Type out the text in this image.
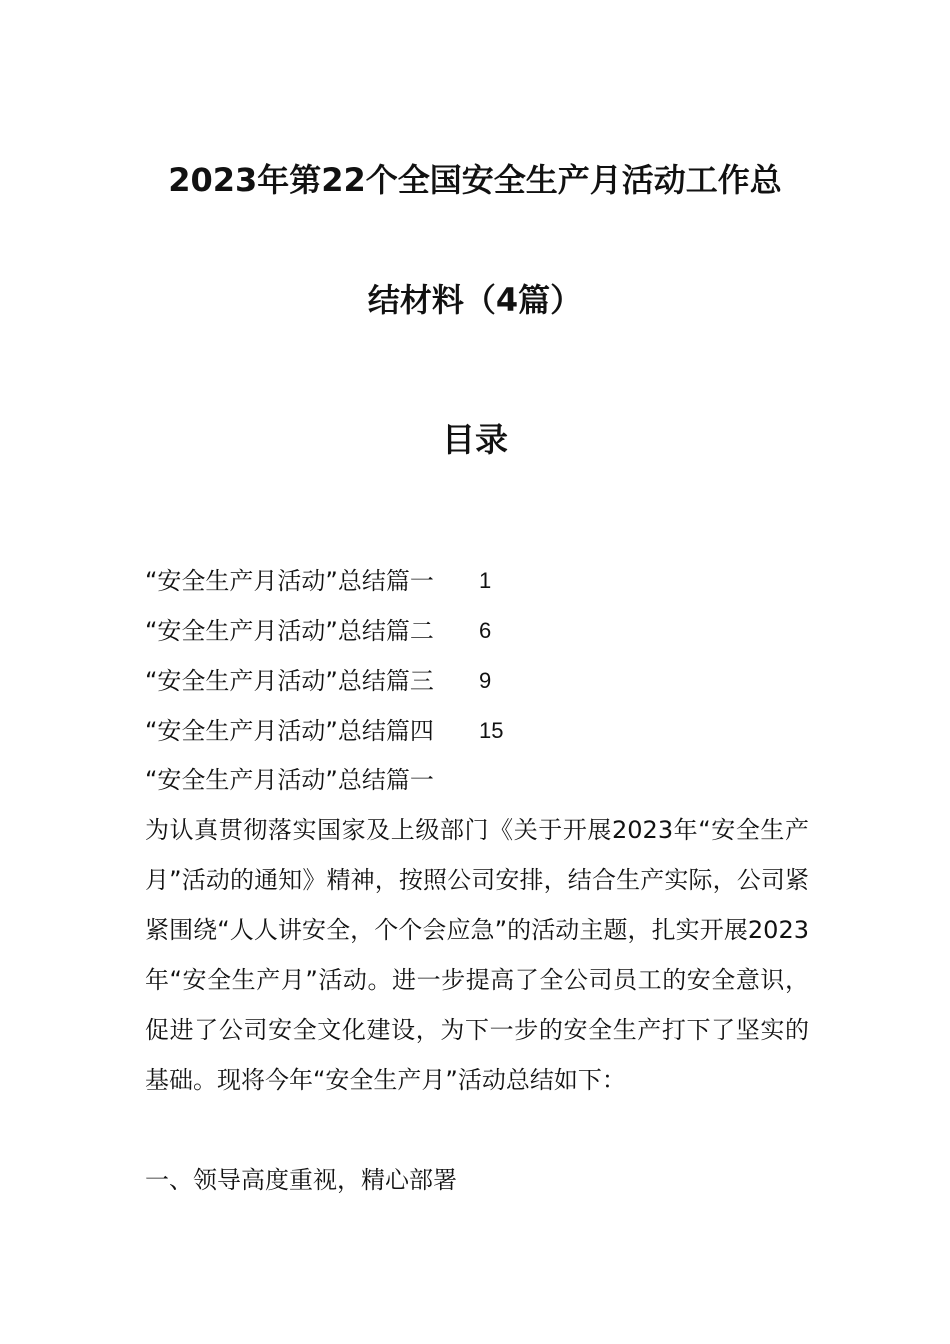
2023年第22个全国安全生产月活动工作总
结材料（4篇）
目录
“安全生产月活动”总结篇一 1
“安全生产月活动”总结篇二 6
“安全生产月活动”总结篇三 9
“安全生产月活动”总结篇四 15
“安全生产月活动”总结篇一
为认真贯彻落实国家及上级部门《关于开展2023年“安全生产月”活动的通知》精神，按照公司安排，结合生产实际，公司紧紧围绕“人人讲安全，个个会应急”的活动主题，扎实开展2023年“安全生产月”活动。进一步提高了全公司员工的安全意识，促进了公司安全文化建设，为下一步的安全生产打下了坚实的基础。现将今年“安全生产月”活动总结如下：
一、领导高度重视，精心部署
